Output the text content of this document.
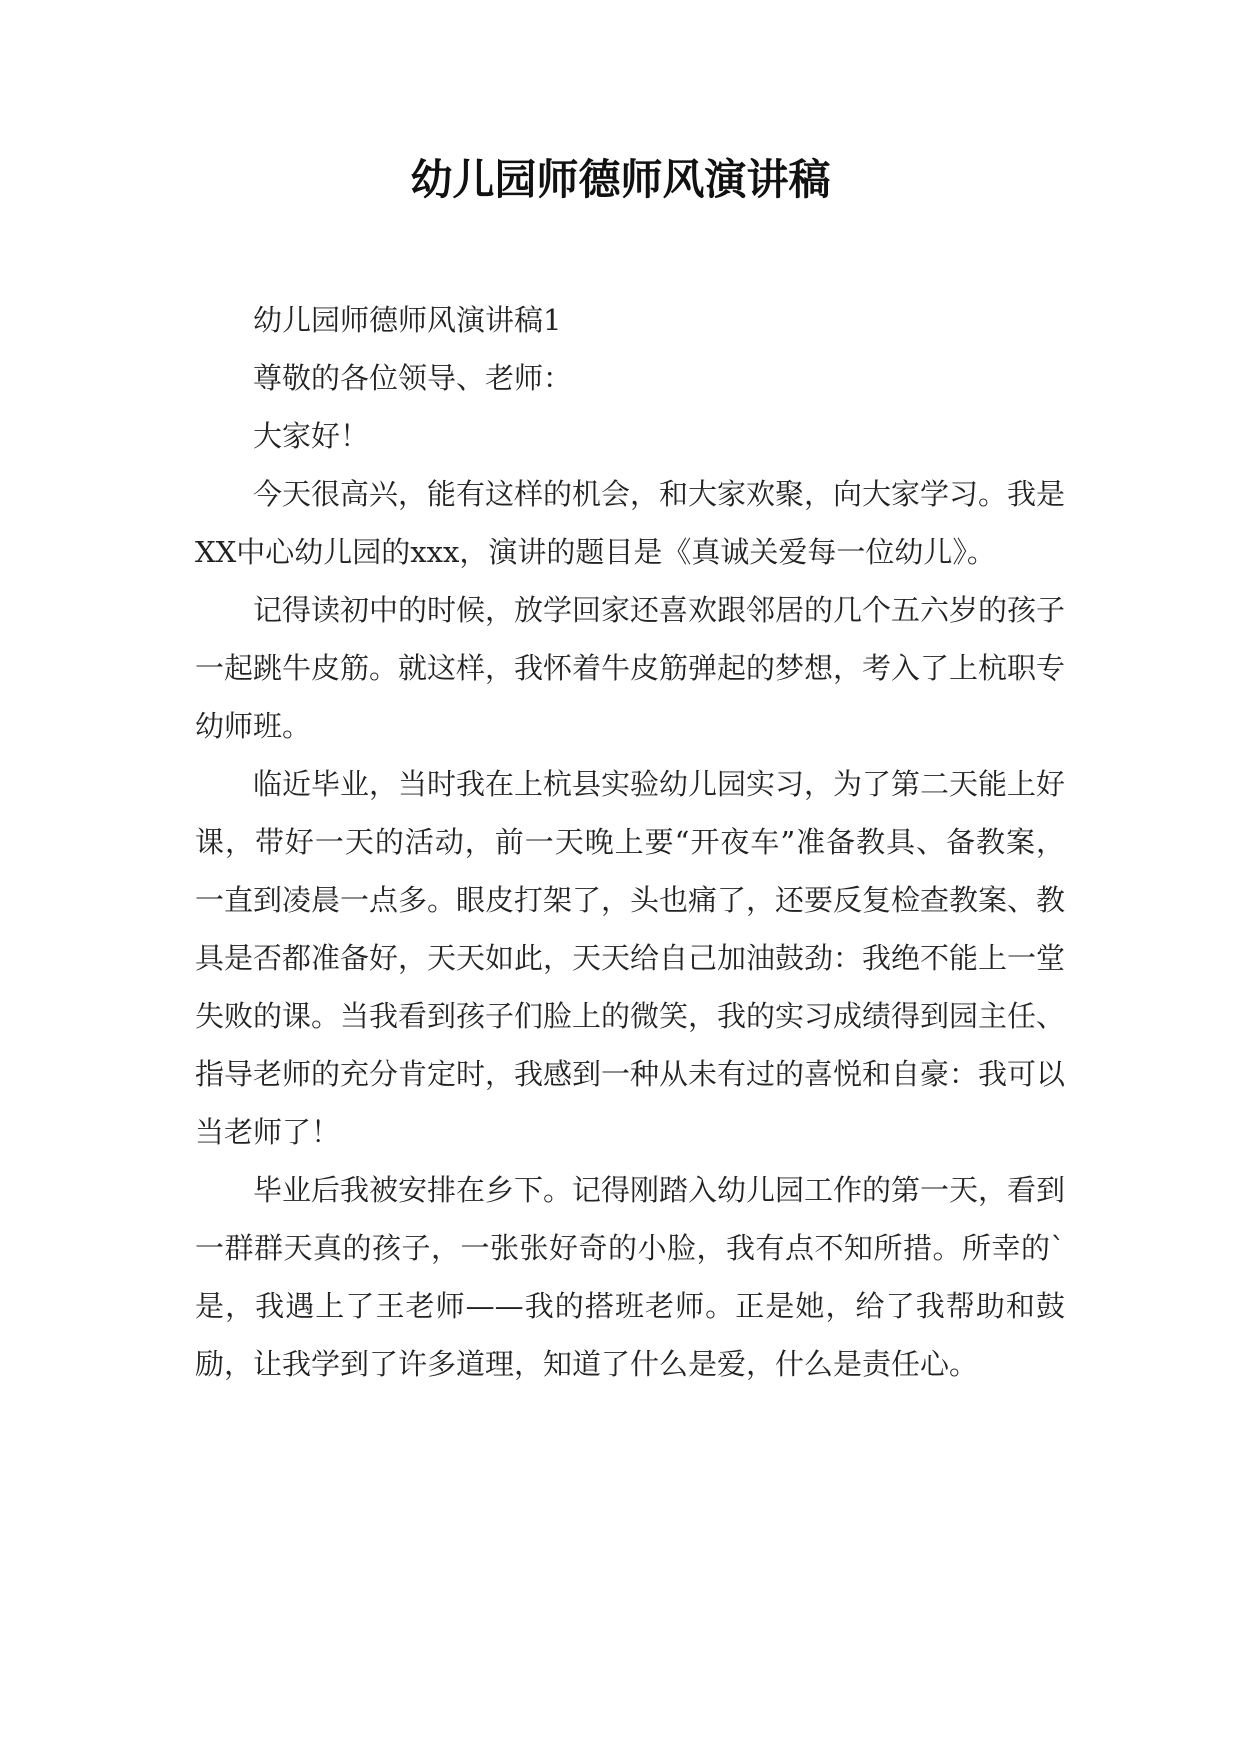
幼儿园师德师风演讲稿

幼儿园师德师风演讲稿1

尊敬的各位领导、老师：

大家好！

今天很高兴，能有这样的机会，和大家欢聚，向大家学习。我是XX中心幼儿园的xxx，演讲的题目是《真诚关爱每一位幼儿》。

记得读初中的时候，放学回家还喜欢跟邻居的几个五六岁的孩子一起跳牛皮筋。就这样，我怀着牛皮筋弹起的梦想，考入了上杭职专幼师班。

临近毕业，当时我在上杭县实验幼儿园实习，为了第二天能上好课，带好一天的活动，前一天晚上要“开夜车”准备教具、备教案，一直到凌晨一点多。眼皮打架了，头也痛了，还要反复检查教案、教具是否都准备好，天天如此，天天给自己加油鼓劲：我绝不能上一堂失败的课。当我看到孩子们脸上的微笑，我的实习成绩得到园主任、指导老师的充分肯定时，我感到一种从未有过的喜悦和自豪：我可以当老师了！

毕业后我被安排在乡下。记得刚踏入幼儿园工作的第一天，看到一群群天真的孩子，一张张好奇的小脸，我有点不知所措。所幸的`是，我遇上了王老师——我的搭班老师。正是她，给了我帮助和鼓励，让我学到了许多道理，知道了什么是爱，什么是责任心。
